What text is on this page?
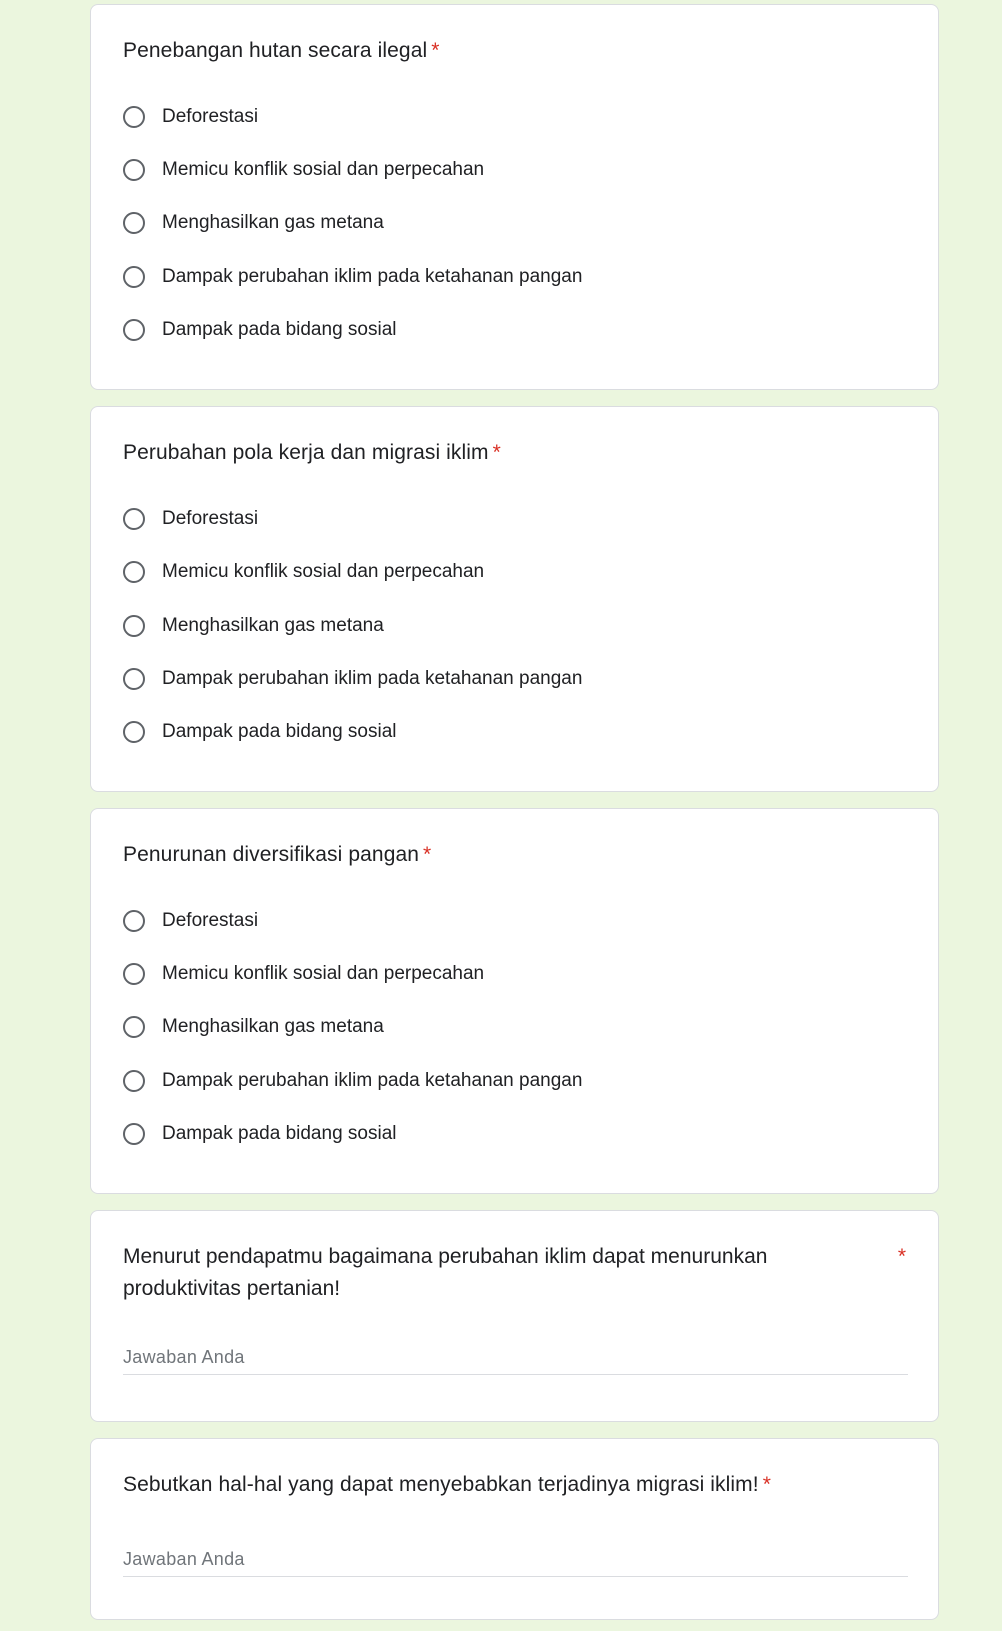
Penebangan hutan secara ilegal *
Deforestasi
Memicu konflik sosial dan perpecahan
Menghasilkan gas metana
Dampak perubahan iklim pada ketahanan pangan
Dampak pada bidang sosial
Perubahan pola kerja dan migrasi iklim *
Deforestasi
Memicu konflik sosial dan perpecahan
Menghasilkan gas metana
Dampak perubahan iklim pada ketahanan pangan
Dampak pada bidang sosial
Penurunan diversifikasi pangan *
Deforestasi
Memicu konflik sosial dan perpecahan
Menghasilkan gas metana
Dampak perubahan iklim pada ketahanan pangan
Dampak pada bidang sosial
Menurut pendapatmu bagaimana perubahan iklim dapat menurunkan produktivitas pertanian!
*
Jawaban Anda
Sebutkan hal-hal yang dapat menyebabkan terjadinya migrasi iklim! *
Jawaban Anda
